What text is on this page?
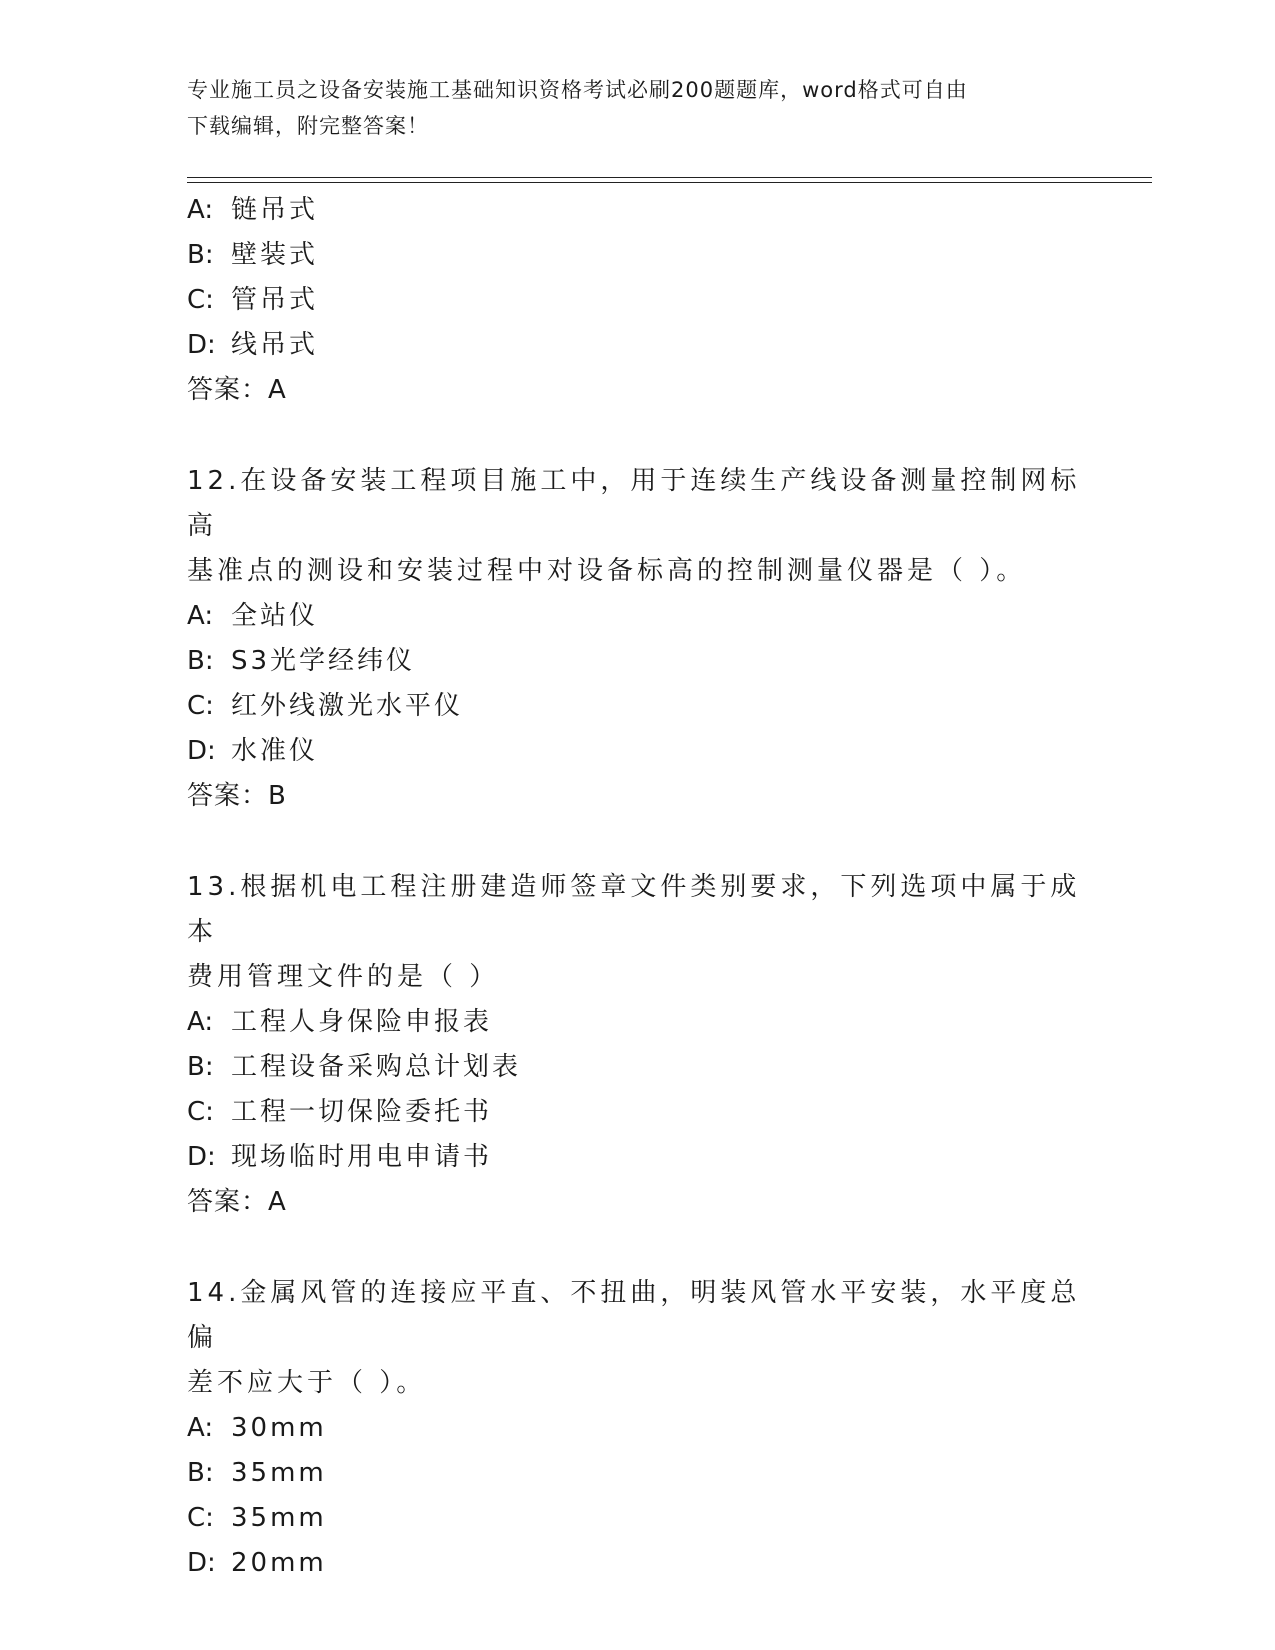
专业施工员之设备安装施工基础知识资格考试必刷200题题库，word格式可自由
下载编辑，附完整答案！
A: 链吊式
B: 壁装式
C: 管吊式
D: 线吊式
答案：A
12.在设备安装工程项目施工中，用于连续生产线设备测量控制网标高
基准点的测设和安装过程中对设备标高的控制测量仪器是（ ）。
A: 全站仪
B: S3光学经纬仪
C: 红外线激光水平仪
D: 水准仪
答案：B
13.根据机电工程注册建造师签章文件类别要求，下列选项中属于成本
费用管理文件的是（ ）
A: 工程人身保险申报表
B: 工程设备采购总计划表
C: 工程一切保险委托书
D: 现场临时用电申请书
答案：A
14.金属风管的连接应平直、不扭曲，明装风管水平安装，水平度总偏
差不应大于（ ）。
A: 30mm
B: 35mm
C: 35mm
D: 20mm
